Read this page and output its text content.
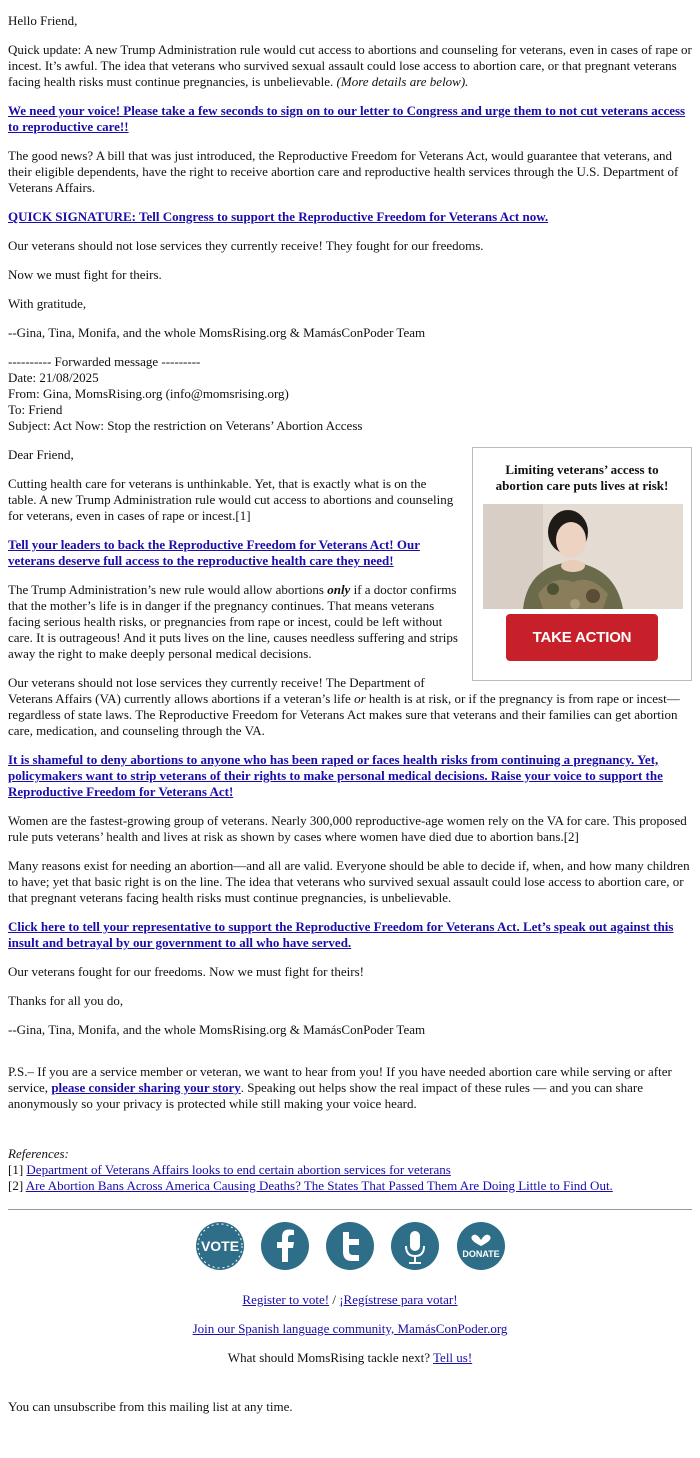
Hello Friend,

Quick update: A new Trump Administration rule would cut access to abortions and counseling for veterans, even in cases of rape or incest. It’s awful. The idea that veterans who survived sexual assault could lose access to abortion care, or that pregnant veterans facing health risks must continue pregnancies, is unbelievable. (More details are below).

We need your voice! Please take a few seconds to sign on to our letter to Congress and urge them to not cut veterans access to reproductive care!!

The good news? A bill that was just introduced, the Reproductive Freedom for Veterans Act, would guarantee that veterans, and their eligible dependents, have the right to receive abortion care and reproductive health services through the U.S. Department of Veterans Affairs.

QUICK SIGNATURE: Tell Congress to support the Reproductive Freedom for Veterans Act now.

Our veterans should not lose services they currently receive! They fought for our freedoms.

Now we must fight for theirs.

With gratitude,

--Gina, Tina, Monifa, and the whole MomsRising.org & MamásConPoder Team

---------- Forwarded message ---------

Date: 21/08/2025

From: Gina, MomsRising.org (info@momsrising.org)

To: Friend

Subject: Act Now: Stop the restriction on Veterans’ Abortion Access

Limiting veterans’ access to abortion care puts lives at risk!
TAKE ACTION

Dear Friend,

Cutting health care for veterans is unthinkable. Yet, that is exactly what is on the table. A new Trump Administration rule would cut access to abortions and counseling for veterans, even in cases of rape or incest.[1]

Tell your leaders to back the Reproductive Freedom for Veterans Act! Our veterans deserve full access to the reproductive health care they need!

The Trump Administration’s new rule would allow abortions only if a doctor confirms that the mother’s life is in danger if the pregnancy continues. That means veterans facing serious health risks, or pregnancies from rape or incest, could be left without care. It is outrageous! And it puts lives on the line, causes needless suffering and strips away the right to make deeply personal medical decisions.

Our veterans should not lose services they currently receive! The Department of Veterans Affairs (VA) currently allows abortions if a veteran’s life or health is at risk, or if the pregnancy is from rape or incest—regardless of state laws. The Reproductive Freedom for Veterans Act makes sure that veterans and their families can get abortion care, medication, and counseling through the VA.

It is shameful to deny abortions to anyone who has been raped or faces health risks from continuing a pregnancy. Yet, policymakers want to strip veterans of their rights to make personal medical decisions. Raise your voice to support the Reproductive Freedom for Veterans Act!

Women are the fastest-growing group of veterans. Nearly 300,000 reproductive-age women rely on the VA for care. This proposed rule puts veterans’ health and lives at risk as shown by cases where women have died due to abortion bans.[2]

Many reasons exist for needing an abortion—and all are valid. Everyone should be able to decide if, when, and how many children to have; yet that basic right is on the line. The idea that veterans who survived sexual assault could lose access to abortion care, or that pregnant veterans facing health risks must continue pregnancies, is unbelievable.

Click here to tell your representative to support the Reproductive Freedom for Veterans Act. Let’s speak out against this insult and betrayal by our government to all who have served.

Our veterans fought for our freedoms. Now we must fight for theirs!

Thanks for all you do,

--Gina, Tina, Monifa, and the whole MomsRising.org & MamásConPoder Team

P.S.– If you are a service member or veteran, we want to hear from you! If you have needed abortion care while serving or after service, please consider sharing your story. Speaking out helps show the real impact of these rules — and you can share anonymously so your privacy is protected while still making your voice heard.

References:

[1] Department of Veterans Affairs looks to end certain abortion services for veterans

[2] Are Abortion Bans Across America Causing Deaths? The States That Passed Them Are Doing Little to Find Out.

VOTE
	DONATE

Register to vote! / ¡Regístrese para votar!

Join our Spanish language community, MamásConPoder.org

What should MomsRising tackle next? Tell us!

You can unsubscribe from this mailing list at any time.
